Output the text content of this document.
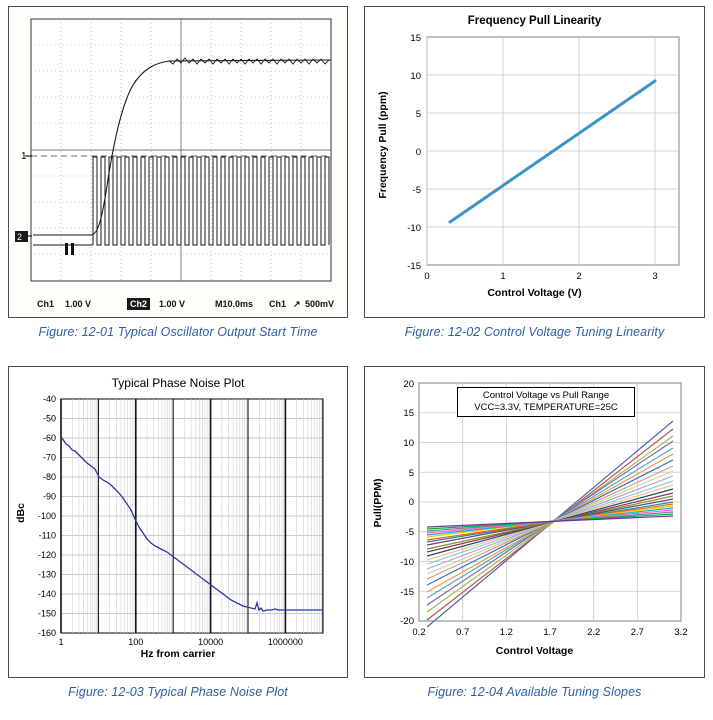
1
2
Ch1 1.00 V	Ch2	1.00 V	M10.0ms Ch1 ↗ 500mV
Figure: 12-01 Typical Oscillator Output Start Time
Frequency Pull Linearity
15
10
5
0
-5
-10
-15
0	1	2	3
Control Voltage (V)
Frequency Pull (ppm)
Figure: 12-02 Control Voltage Tuning Linearity
Typical Phase Noise Plot
-40
-50
-60
-70
-80
-90
-100
-110
-120
-130
-140
-150
-160
1	100	10000	1000000
Hz from carrier
dBc
Figure: 12-03 Typical Phase Noise Plot
20
15
10
5
0
-5
-10
-15
-20
0.2	0.7	1.2	1.7	2.2	2.7	3.2
Control Voltage vs Pull Range
VCC=3.3V, TEMPERATURE=25C
Control Voltage
Pull(PPM)
Figure: 12-04 Available Tuning Slopes
